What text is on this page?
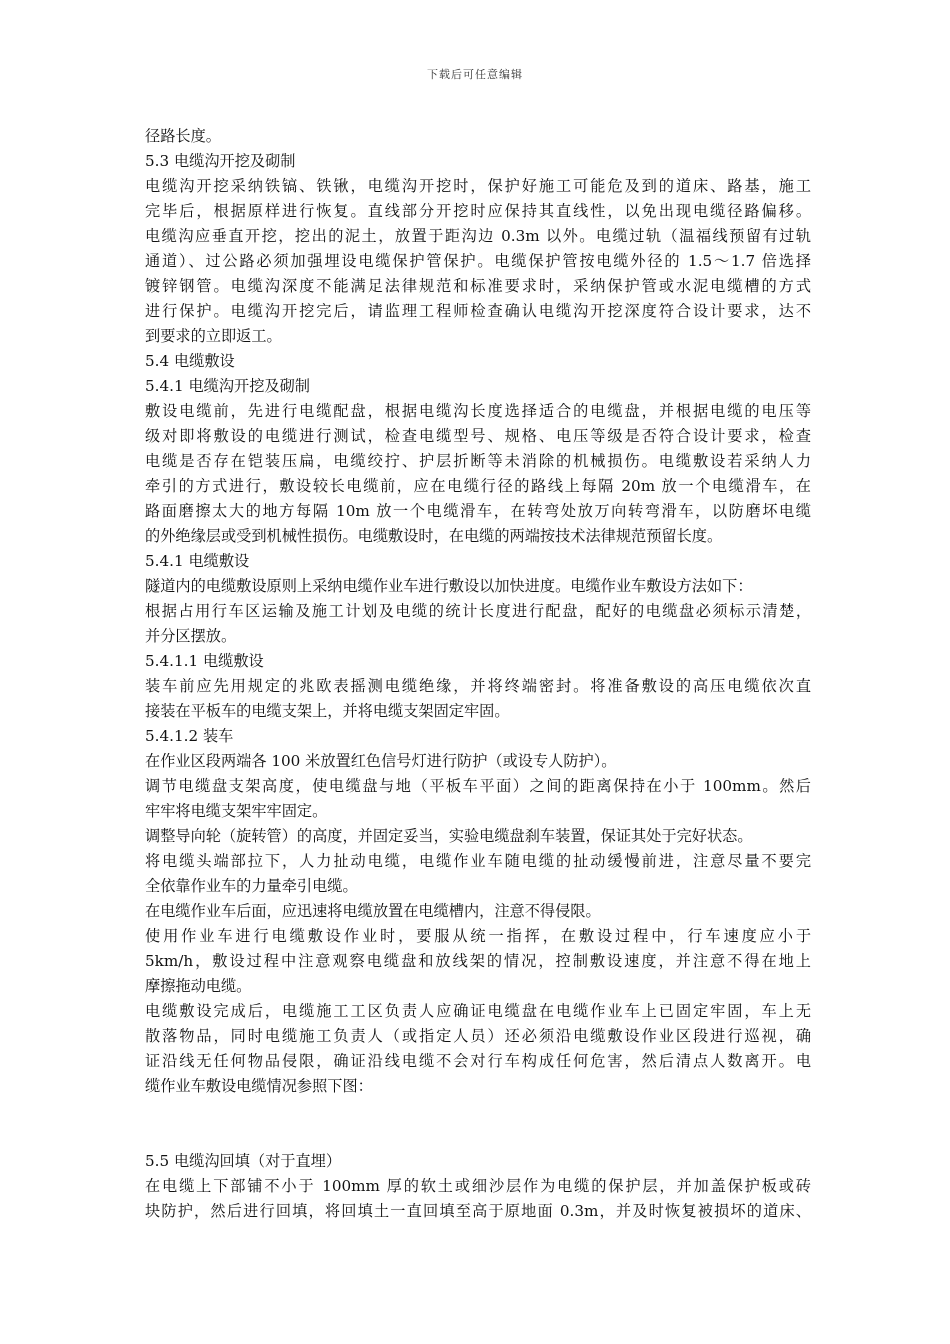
下载后可任意编辑
径路长度。
5.3 电缆沟开挖及砌制
电缆沟开挖采纳铁镐、铁锹，电缆沟开挖时，保护好施工可能危及到的道床、路基，施工
完毕后，根据原样进行恢复。直线部分开挖时应保持其直线性，以免出现电缆径路偏移。
电缆沟应垂直开挖，挖出的泥土，放置于距沟边 0.3m 以外。电缆过轨（温福线预留有过轨
通道）、过公路必须加强埋设电缆保护管保护。电缆保护管按电缆外径的 1.5～1.7 倍选择
镀锌钢管。电缆沟深度不能满足法律规范和标准要求时，采纳保护管或水泥电缆槽的方式
进行保护。电缆沟开挖完后，请监理工程师检查确认电缆沟开挖深度符合设计要求，达不
到要求的立即返工。
5.4 电缆敷设
5.4.1 电缆沟开挖及砌制
敷设电缆前，先进行电缆配盘，根据电缆沟长度选择适合的电缆盘，并根据电缆的电压等
级对即将敷设的电缆进行测试，检查电缆型号、规格、电压等级是否符合设计要求，检查
电缆是否存在铠装压扁，电缆绞拧、护层折断等未消除的机械损伤。电缆敷设若采纳人力
牵引的方式进行，敷设较长电缆前，应在电缆行径的路线上每隔 20m 放一个电缆滑车，在
路面磨擦太大的地方每隔 10m 放一个电缆滑车，在转弯处放万向转弯滑车，以防磨坏电缆
的外绝缘层或受到机械性损伤。电缆敷设时，在电缆的两端按技术法律规范预留长度。
5.4.1 电缆敷设
隧道内的电缆敷设原则上采纳电缆作业车进行敷设以加快进度。电缆作业车敷设方法如下：
根据占用行车区运输及施工计划及电缆的统计长度进行配盘，配好的电缆盘必须标示清楚，
并分区摆放。
5.4.1.1 电缆敷设
装车前应先用规定的兆欧表摇测电缆绝缘，并将终端密封。将准备敷设的高压电缆依次直
接装在平板车的电缆支架上，并将电缆支架固定牢固。
5.4.1.2 装车
在作业区段两端各 100 米放置红色信号灯进行防护（或设专人防护）。
调节电缆盘支架高度，使电缆盘与地（平板车平面）之间的距离保持在小于 100mm。然后
牢牢将电缆支架牢牢固定。
调整导向轮（旋转管）的高度，并固定妥当，实验电缆盘刹车装置，保证其处于完好状态。
将电缆头端部拉下，人力扯动电缆，电缆作业车随电缆的扯动缓慢前进，注意尽量不要完
全依靠作业车的力量牵引电缆。
在电缆作业车后面，应迅速将电缆放置在电缆槽内，注意不得侵限。
使用作业车进行电缆敷设作业时，要服从统一指挥，在敷设过程中，行车速度应小于
5km/h，敷设过程中注意观察电缆盘和放线架的情况，控制敷设速度，并注意不得在地上
摩擦拖动电缆。
电缆敷设完成后，电缆施工工区负责人应确证电缆盘在电缆作业车上已固定牢固，车上无
散落物品，同时电缆施工负责人（或指定人员）还必须沿电缆敷设作业区段进行巡视，确
证沿线无任何物品侵限，确证沿线电缆不会对行车构成任何危害，然后清点人数离开。电
缆作业车敷设电缆情况参照下图：
5.5 电缆沟回填（对于直埋）
在电缆上下部铺不小于 100mm 厚的软土或细沙层作为电缆的保护层，并加盖保护板或砖
块防护，然后进行回填，将回填土一直回填至高于原地面 0.3m，并及时恢复被损坏的道床、
